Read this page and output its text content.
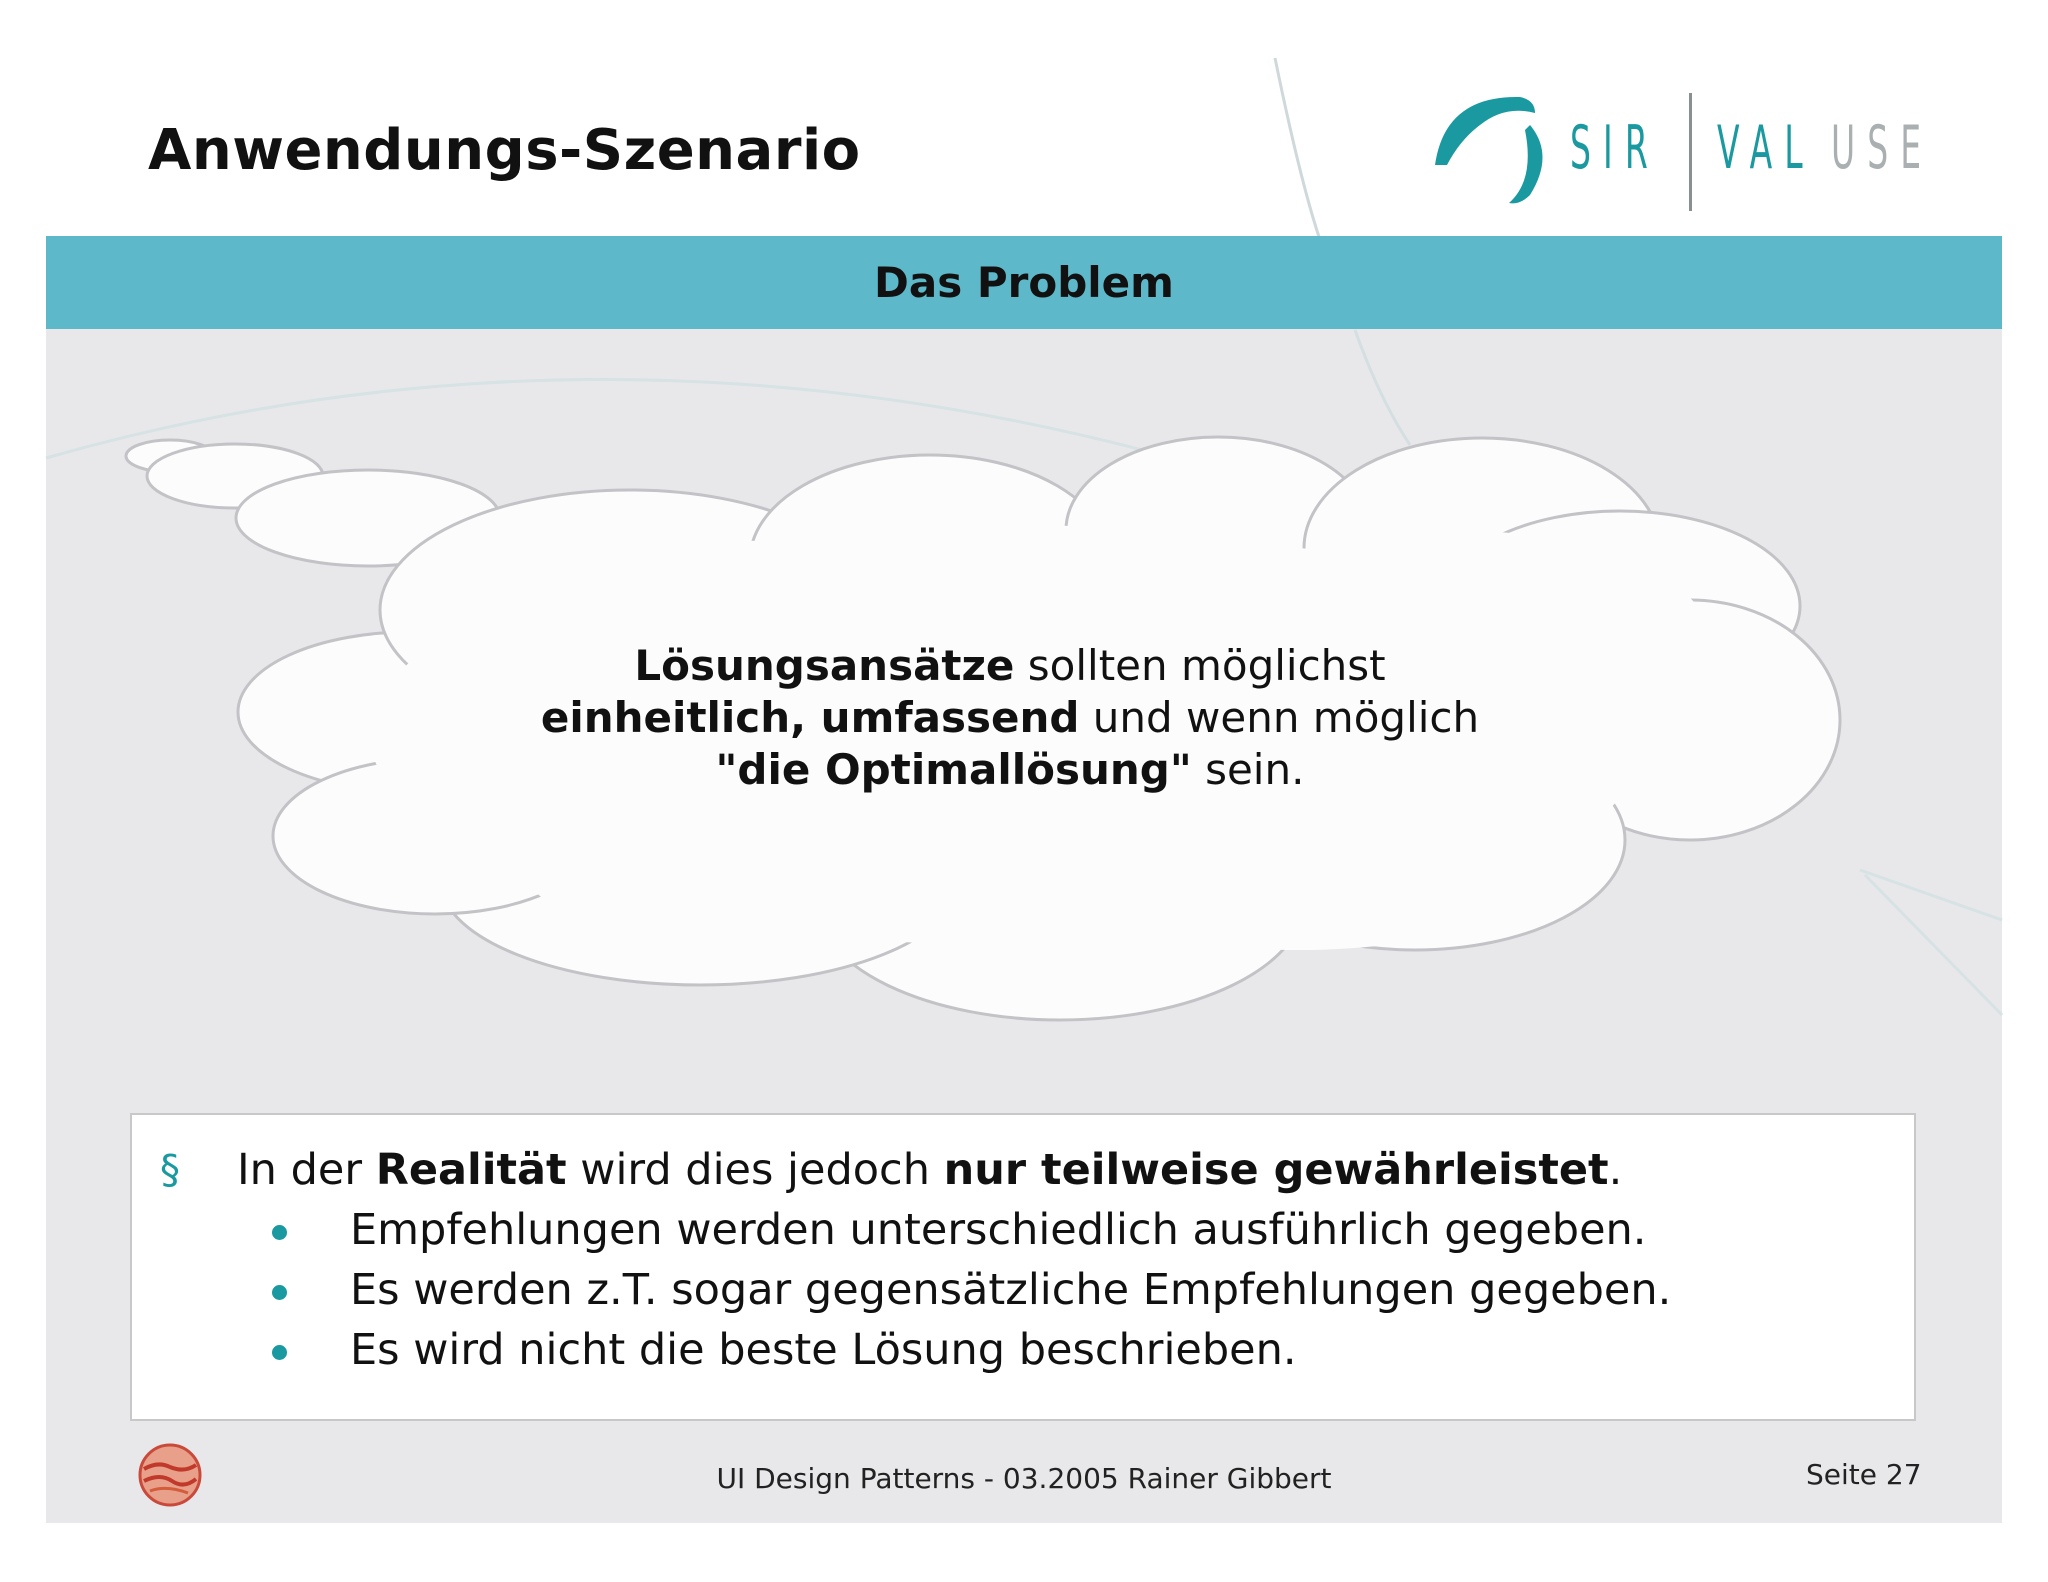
Anwendungs-Szenario	SIR VAL USE
Das Problem
Lösungsansätze sollten möglichst
einheitlich, umfassend und wenn möglich
"die Optimallösung" sein.
§ In der Realität wird dies jedoch nur teilweise gewährleistet.
Empfehlungen werden unterschiedlich ausführlich gegeben.
Es werden z.T. sogar gegensätzliche Empfehlungen gegeben.
Es wird nicht die beste Lösung beschrieben.
UI Design Patterns - 03.2005 Rainer Gibbert	Seite 27
